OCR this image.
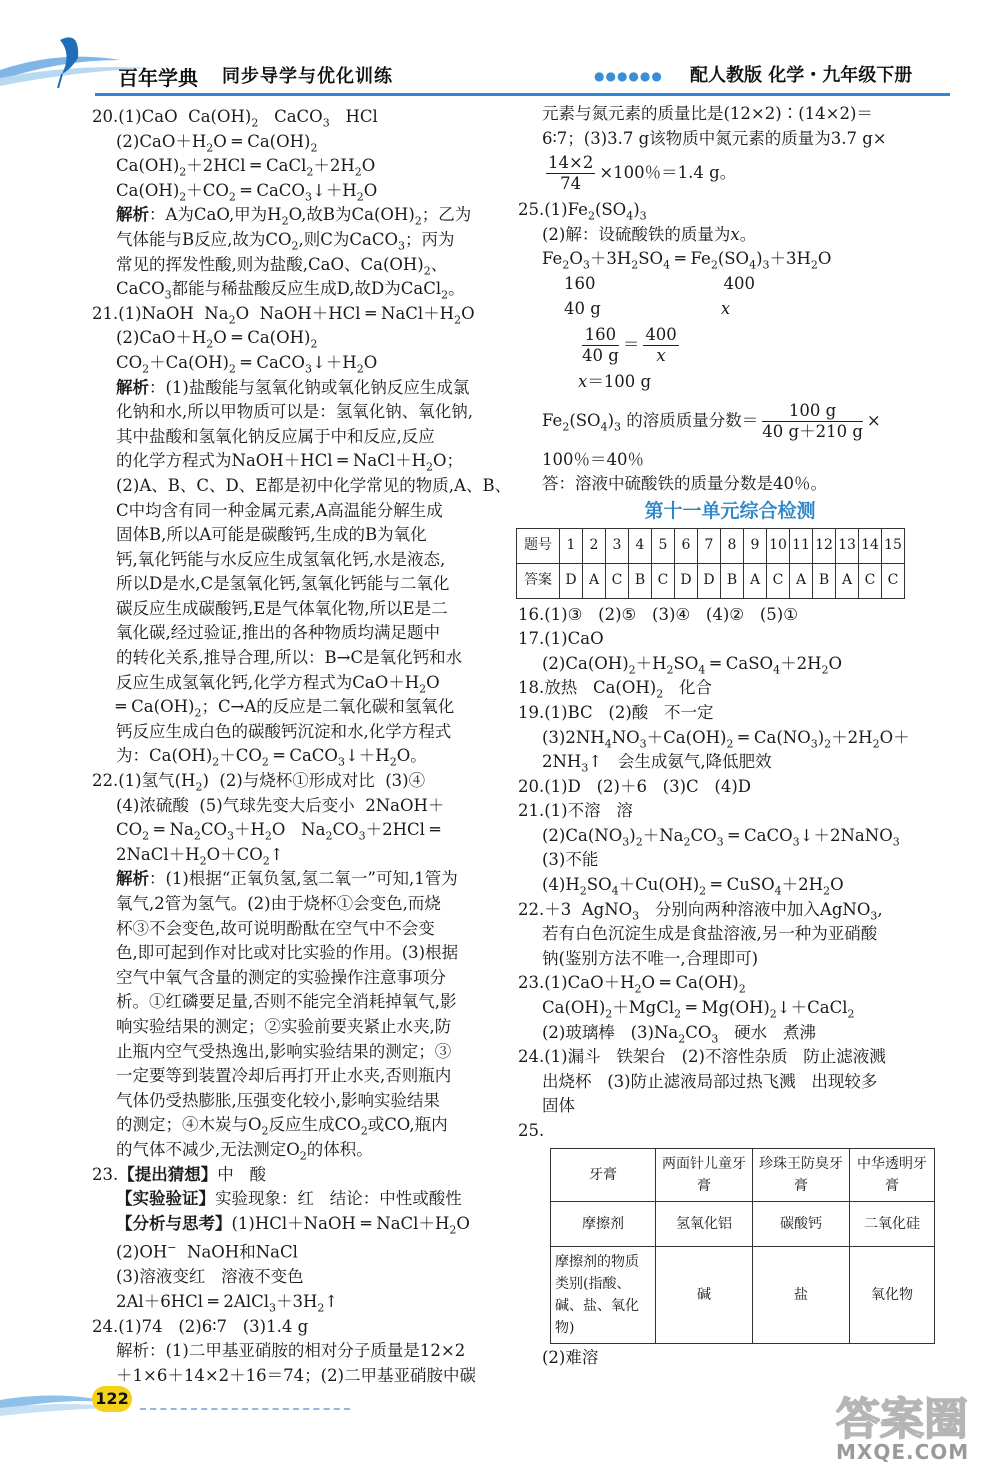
百年学典 同步导学与优化训练	●●●●●● 配人教版 化学・九年级下册
20.(1)CaO  $Ca(OH)_2$   CaCO$_3$   HCl
$(2)CaO+H_2O$ ═ $Ca(OH)_2$
$Ca(OH)_2+2HCl$ ═ $CaCl_2+2H_2O$
$Ca(OH)_2+CO_2$ ═ $CaCO_3↓+H_2O$
解析：A为CaO,甲为$H_2O$,故B为$Ca(OH)_2$；乙为
气体能与B反应,故为$CO_2$,则C为CaCO$_3$；丙为
常见的挥发性酸,则为盐酸,CaO、$Ca(OH)_2$、
CaCO$_3$都能与稀盐酸反应生成D,故D为CaCl$_2$。
21.(1)NaOH  $Na_2O$  NaOH＋HCl ═ $NaCl+H_2O$
$(2)CaO+H_2O$ ═ $Ca(OH)_2$
$CO_2+Ca(OH)_2$ ═ $CaCO_3↓+H_2O$
解析：(1)盐酸能与氢氧化钠或氧化钠反应生成氯
化钠和水,所以甲物质可以是：氢氧化钠、氧化钠,
其中盐酸和氢氧化钠反应属于中和反应,反应
的化学方程式为NaOH＋HCl ═ $NaCl+H_2O$；
(2)A、B、C、D、E都是初中化学常见的物质,A、B、
C中均含有同一种金属元素,A高温能分解生成
固体B,所以A可能是碳酸钙,生成的B为氧化
钙,氧化钙能与水反应生成氢氧化钙,水是液态,
所以D是水,C是氢氧化钙,氢氧化钙能与二氧化
碳反应生成碳酸钙,E是气体氧化物,所以E是二
氧化碳,经过验证,推出的各种物质均满足题中
的转化关系,推导合理,所以：B→C是氧化钙和水
反应生成氢氧化钙,化学方程式为$CaO+H_2O$
═ $Ca(OH)_2$；C→A的反应是二氧化碳和氢氧化
钙反应生成白色的碳酸钙沉淀和水,化学方程式
为：$Ca(OH)_2+CO_2$ ═ $CaCO_3↓+H_2O$。
22.(1)氢气$(H_2)$  (2)与烧杯①形成对比  (3)④
(4)浓硫酸  (5)气球先变大后变小  2NaOH＋
$CO_2$ ═ $Na_2CO_3+H_2O$   $Na_2CO_3+2HCl$ ═
$2NaCl+H_2O+CO_2↑$
解析：(1)根据“正氧负氢,氢二氧一”可知,1管为
氧气,2管为氢气。(2)由于烧杯①会变色,而烧
杯③不会变色,故可说明酚酞在空气中不会变
色,即可起到作对比或对比实验的作用。(3)根据
空气中氧气含量的测定的实验操作注意事项分
析。①红磷要足量,否则不能完全消耗掉氧气,影
响实验结果的测定；②实验前要夹紧止水夹,防
止瓶内空气受热逸出,影响实验结果的测定；③
一定要等到装置冷却后再打开止水夹,否则瓶内
气体仍受热膨胀,压强变化较小,影响实验结果
的测定；④木炭与$O_2$反应生成$CO_2$或CO,瓶内
的气体不减少,无法测定$O_2$的体积。
23.【提出猜想】中   酸
【实验验证】实验现象：红   结论：中性或酸性
【分析与思考】(1)HCl＋NaOH ═ $NaCl+H_2O$
(2)OH−  NaOH和NaCl
(3)溶液变红   溶液不变色
2Al＋6HCl ═ $2AlCl_3+3H_2↑$
24.(1)74   (2)6∶7   (3)1.4 g
解析：(1)二甲基亚硝胺的相对分子质量是12×2
＋1×6＋14×2＋16＝74；(2)二甲基亚硝胺中碳
元素与氮元素的质量比是(12×2)∶(14×2)＝
6∶7；(3)3.7 g该物质中氮元素的质量为3.7 g×
$\frac{14\times 2}{74} \times 100$％＝1.4 g。
$25.(1)Fe_2(SO_4)_3$
(2)解：设硫酸铁的质量为x。
$Fe_2O_3+3H_2SO_4$ ═ $Fe_2(SO_4)_3+3H_2O$
160	400
40 g	x
$\frac{160}{40 g} = \frac{400}{x}$
x＝100 g
$Fe_2(SO_4)_3$ 的溶质质量分数＝ $\frac{100 g}{40 g+210 g}$ ×
100％＝40％
答：溶液中硫酸铁的质量分数是40％。
第十一单元综合检测
题号	1	2	3	4	5	6	7	8	9	10	11	12	13	14	15
答案	D	A	C	B	C	D	D	B	A	C	A	B	A	C	C
16.(1)③   (2)⑤   (3)④   (4)②   (5)①
17.(1)CaO
$(2)Ca(OH)_2+H_2SO_4$ ═ $CaSO_4+2H_2O$
18.放热   $Ca(OH)_2$   化合
19.(1)BC   (2)酸   不一定
$(3)2NH_4NO_3+Ca(OH)_2$ ═ $Ca(NO_3)_2+2H_2O+$
$2NH_3↑$   会生成氨气,降低肥效
20.(1)D   (2)＋6   (3)C   (4)D
21.(1)不溶   溶
$(2)Ca(NO_3)_2+Na_2CO_3$ ═ CaCO$_3$↓＋2NaNO$_3$
(3)不能
$(4)H_2SO_4+Cu(OH)_2$ ═ $CuSO_4+2H_2O$
22.＋3  AgNO$_3$   分别向两种溶液中加入AgNO$_3$,
若有白色沉淀生成是食盐溶液,另一种为亚硝酸
钠(鉴别方法不唯一,合理即可)
$23.(1)CaO+H_2O$ ═ $Ca(OH)_2$
$Ca(OH)_2+MgCl_2$ ═ $Mg(OH)_2↓+CaCl_2$
(2)玻璃棒   $(3)Na_2CO_3$   硬水   煮沸
24.(1)漏斗   铁架台   (2)不溶性杂质   防止滤液溅
出烧杯   (3)防止滤液局部过热飞溅   出现较多
固体
25.
牙膏	两面针儿童牙膏	珍珠王防臭牙膏	中华透明牙膏
摩擦剂	氢氧化铝	碳酸钙	二氧化硅
摩擦剂的物质类别(指酸、碱、盐、氧化物)	碱	盐	氧化物
(2)难溶
122	答案圈
MXQE.COM
